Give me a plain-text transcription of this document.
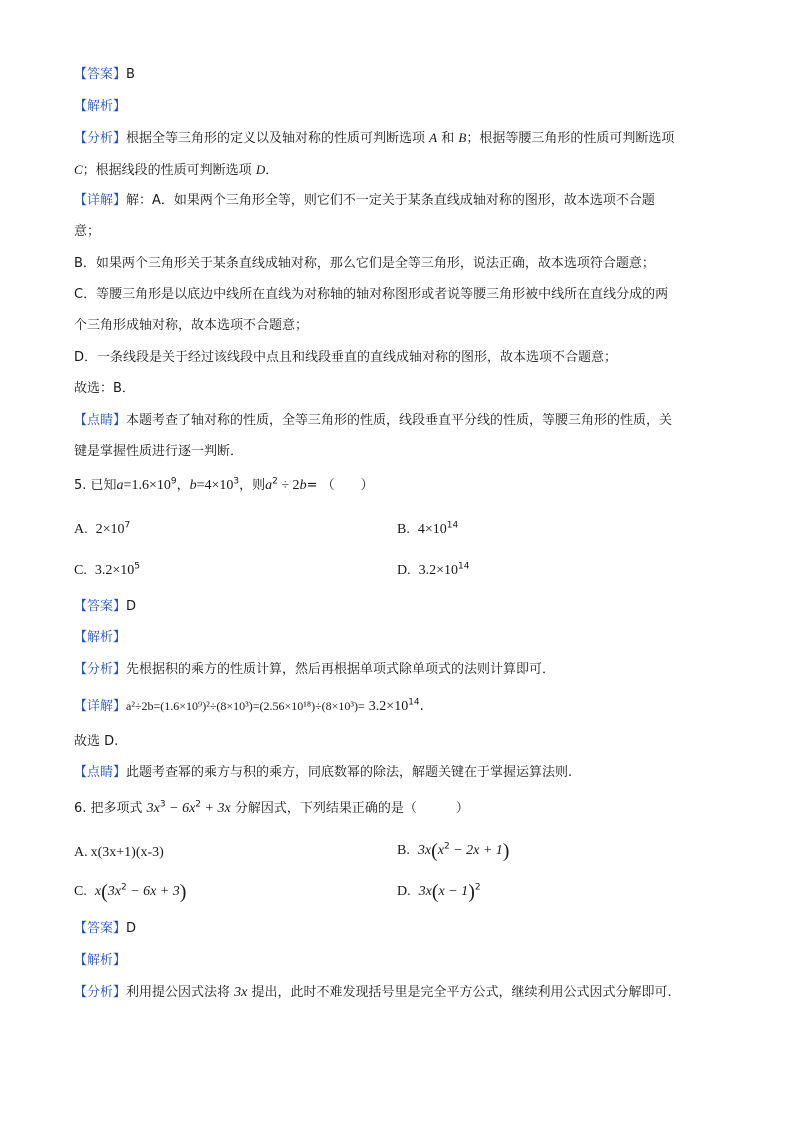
【答案】B
【解析】
【分析】根据全等三角形的定义以及轴对称的性质可判断选项 A 和 B；根据等腰三角形的性质可判断选项
C；根据线段的性质可判断选项 D．
【详解】解：A．如果两个三角形全等，则它们不一定关于某条直线成轴对称的图形，故本选项不合题
意；
B．如果两个三角形关于某条直线成轴对称，那么它们是全等三角形，说法正确，故本选项符合题意；
C．等腰三角形是以底边中线所在直线为对称轴的轴对称图形或者说等腰三角形被中线所在直线分成的两
个三角形成轴对称，故本选项不合题意；
D．一条线段是关于经过该线段中点且和线段垂直的直线成轴对称的图形，故本选项不合题意；
故选：B．
【点睛】本题考查了轴对称的性质，全等三角形的性质，线段垂直平分线的性质，等腰三角形的性质，关
键是掌握性质进行逐一判断．
5. 已知$a=1.6\times 10^9$，$b=4\times 10^3$，则$a^2 \div 2b=$ （　　）
A. $2\times 10^7$	B. $4\times 10^{14}$
C. $3.2\times 10^5$	D. $3.2\times 10^{14}$
【答案】D
【解析】
【分析】先根据积的乘方的性质计算，然后再根据单项式除单项式的法则计算即可．
【详解】$a^2\div 2b=(1.6\times 10^9)^2\div(8\times 10^3)=(2.56\times 10^{18})\div(8\times 10^3)= 3.2\times 10^{14}$.
故选 D.
【点睛】此题考查幂的乘方与积的乘方，同底数幂的除法，解题关键在于掌握运算法则.
6. 把多项式 $3x^3 - 6x^2 + 3x$ 分解因式，下列结果正确的是（　　　）
A. x(3x+1)(x-3)	B. $3x(x^2 - 2x + 1)$
C. $x(3x^2 - 6x + 3)$	D. $3x(x - 1)^2$
【答案】D
【解析】
【分析】利用提公因式法将 3x 提出，此时不难发现括号里是完全平方公式，继续利用公式因式分解即可.
